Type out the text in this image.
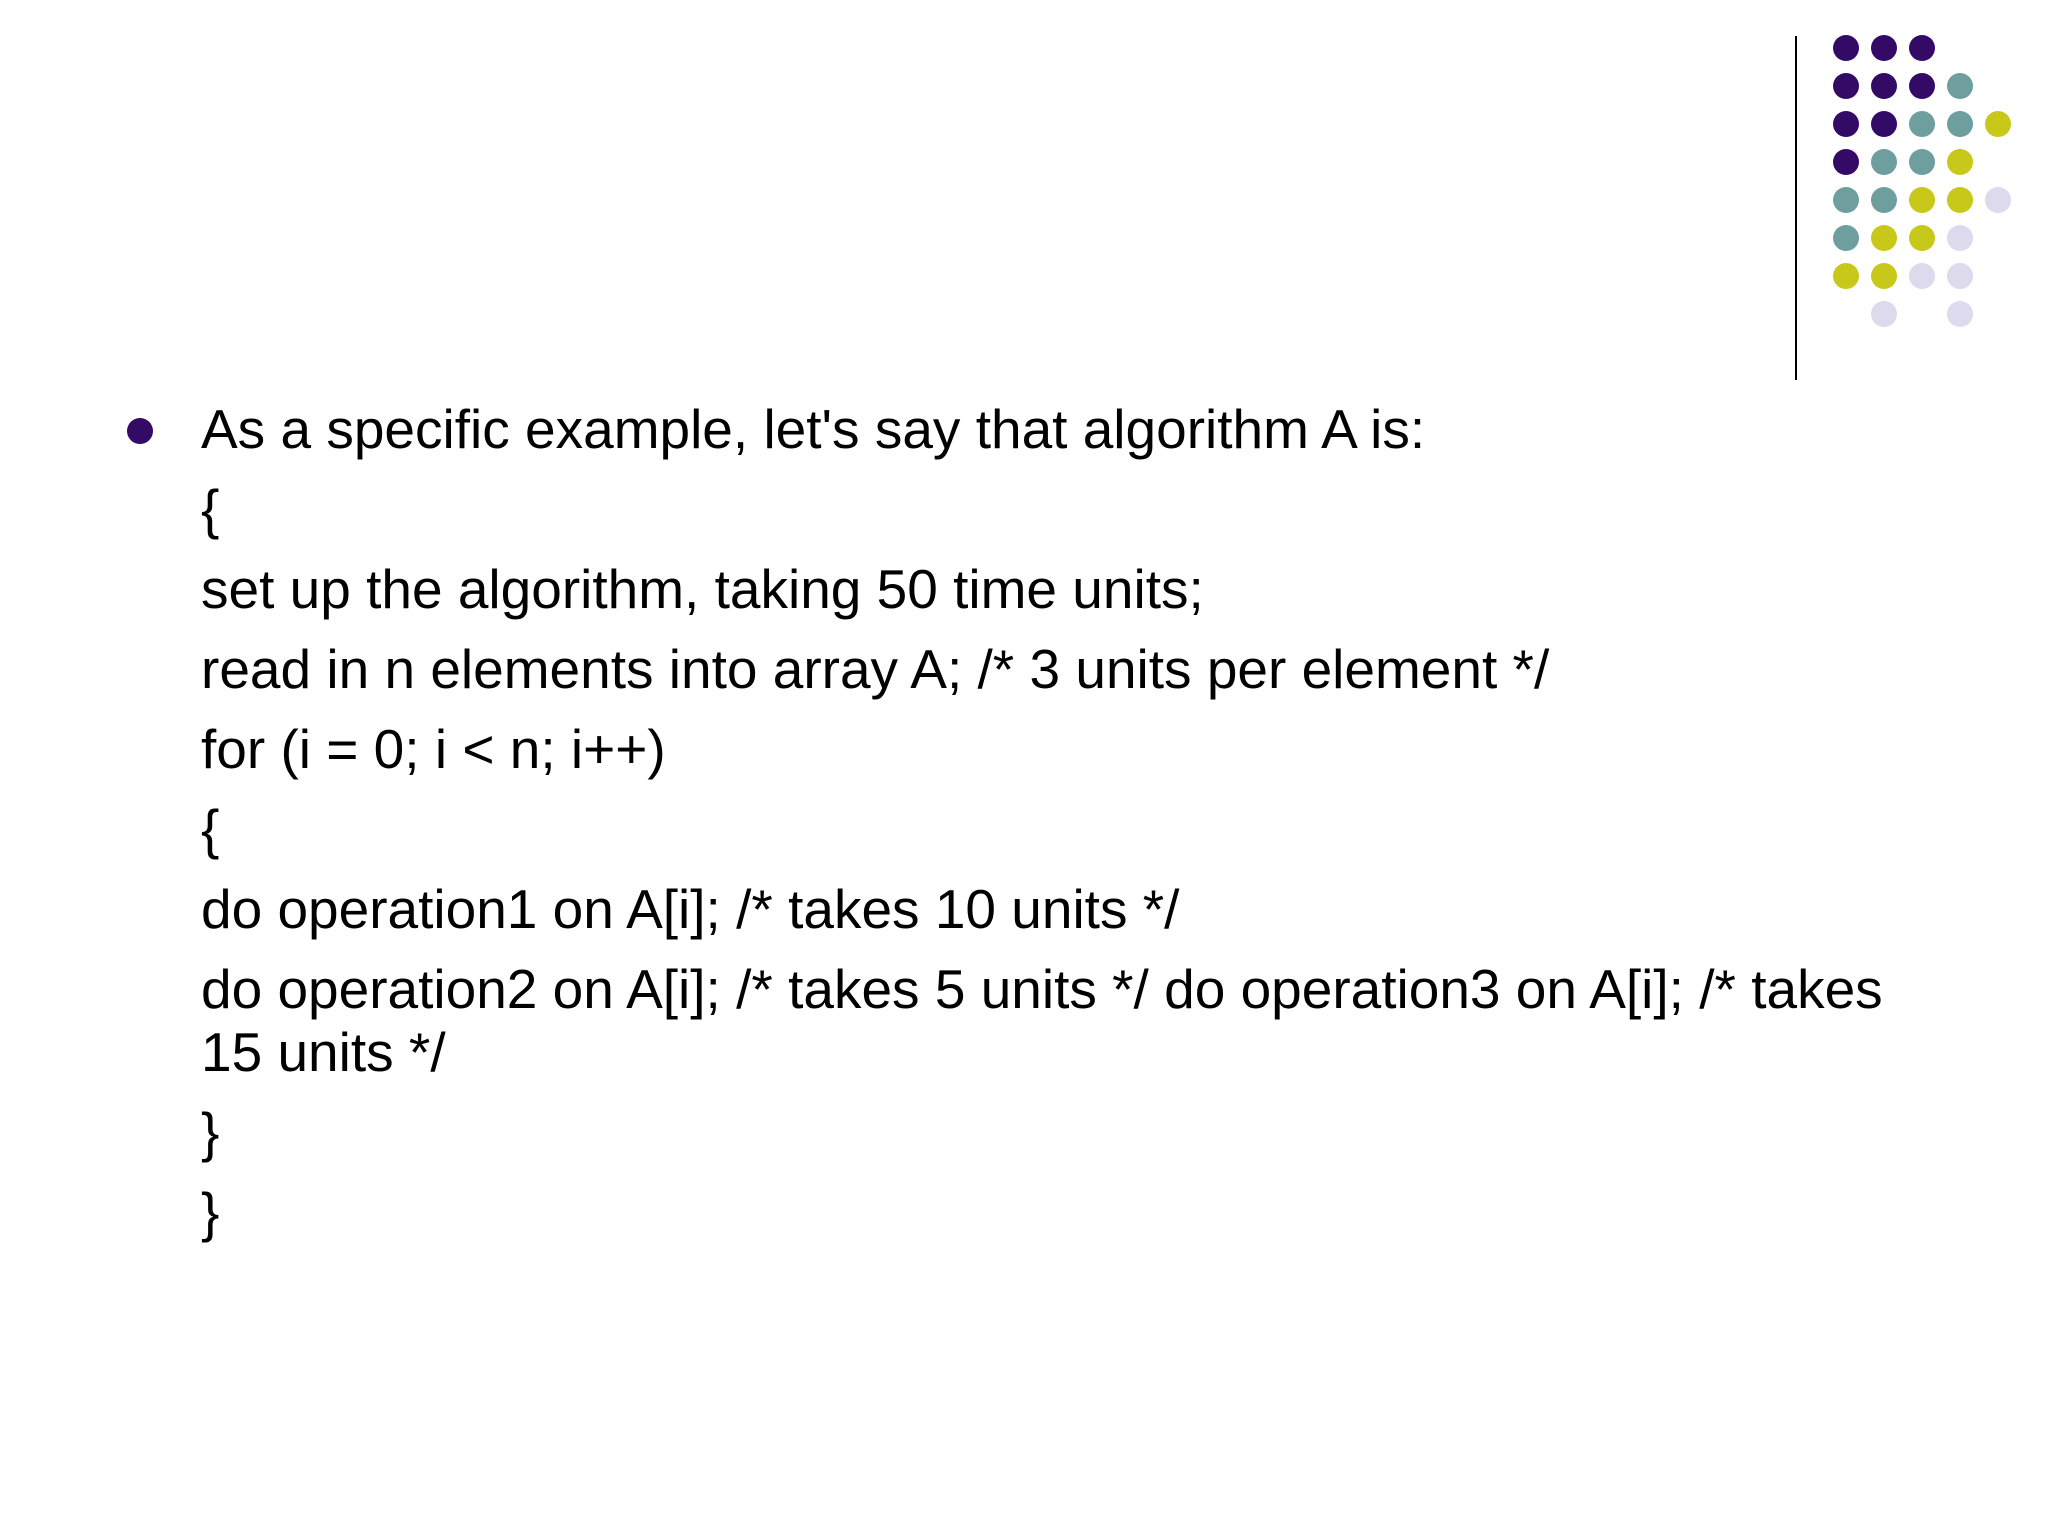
As a specific example, let's say that algorithm A is:
{
set up the algorithm, taking 50 time units;
read in n elements into array A; /* 3 units per element */
for (i = 0; i < n; i++)
{
do operation1 on A[i]; /* takes 10 units */
do operation2 on A[i]; /* takes 5 units */ do operation3 on A[i]; /* takes 15 units */
}
}
